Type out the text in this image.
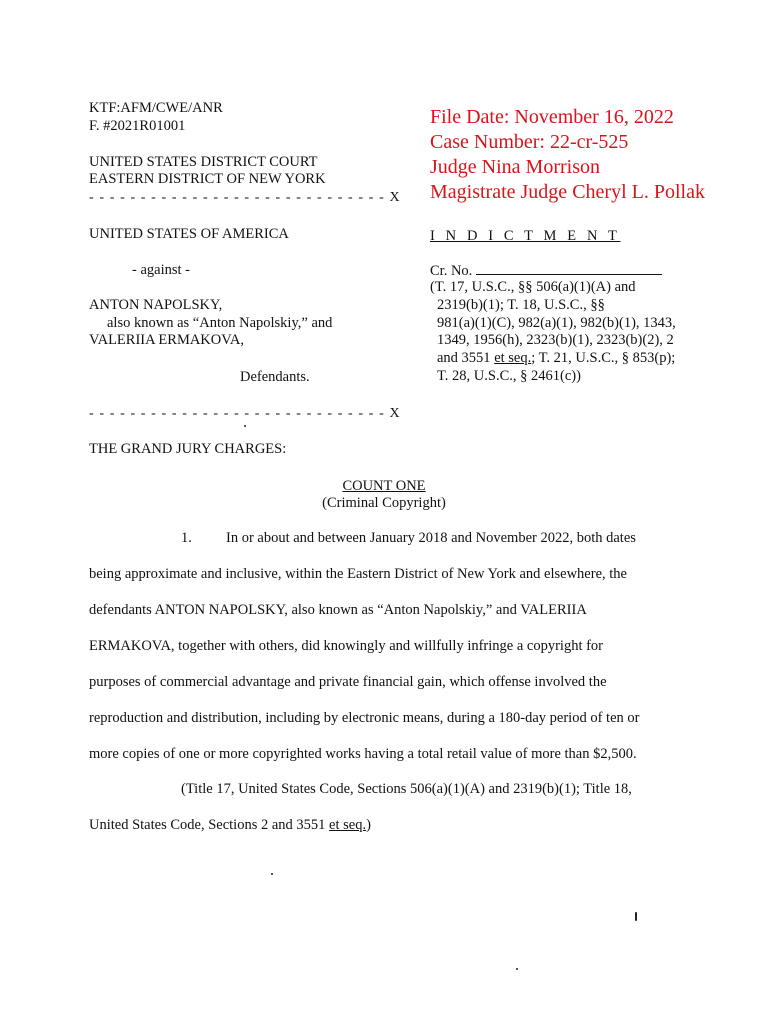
KTF:AFM/CWE/ANR
F. #2021R01001
UNITED STATES DISTRICT COURT
EASTERN DISTRICT OF NEW YORK
- - - - - - - - - - - - - - - - - - - - - - - - - - - - - X
File Date: November 16, 2022
Case Number: 22-cr-525
Judge Nina Morrison
Magistrate Judge Cheryl L. Pollak
UNITED STATES OF AMERICA
- against -
ANTON NAPOLSKY,
also known as “Anton Napolskiy,” and
VALERIIA ERMAKOVA,
Defendants.
- - - - - - - - - - - - - - - - - - - - - - - - - - - - - X
I N D I C T M E N T
Cr. No.
(T. 17, U.S.C., §§ 506(a)(1)(A) and
2319(b)(1); T. 18, U.S.C., §§
981(a)(1)(C), 982(a)(1), 982(b)(1), 1343,
1349, 1956(h), 2323(b)(1), 2323(b)(2), 2
and 3551 et seq.; T. 21, U.S.C., § 853(p);
T. 28, U.S.C., § 2461(c))
THE GRAND JURY CHARGES:
COUNT ONE
(Criminal Copyright)
1. In or about and between January 2018 and November 2022, both dates
being approximate and inclusive, within the Eastern District of New York and elsewhere, the
defendants ANTON NAPOLSKY, also known as “Anton Napolskiy,” and VALERIIA
ERMAKOVA, together with others, did knowingly and willfully infringe a copyright for
purposes of commercial advantage and private financial gain, which offense involved the
reproduction and distribution, including by electronic means, during a 180-day period of ten or
more copies of one or more copyrighted works having a total retail value of more than $2,500.
(Title 17, United States Code, Sections 506(a)(1)(A) and 2319(b)(1); Title 18,
United States Code, Sections 2 and 3551 et seq.)
